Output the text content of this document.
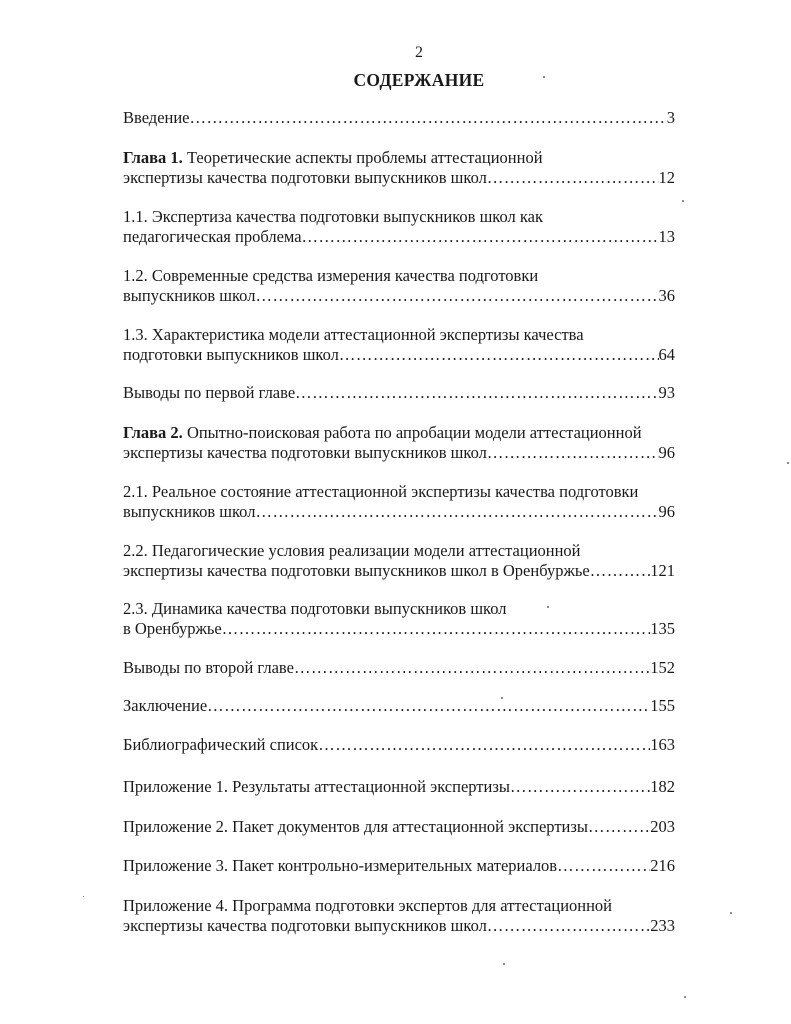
2
СОДЕРЖАНИЕ
Введение ……………………………………………………………………………………………………………………………………………………	3
Глава 1. Теоретические аспекты проблемы аттестационной
экспертизы качества подготовки выпускников школ ……………………………………………………………………………………………………………………………………………………	12
1.1. Экспертиза качества подготовки выпускников школ как
педагогическая проблема ……………………………………………………………………………………………………………………………………………………	13
1.2. Современные средства измерения качества подготовки
выпускников школ ……………………………………………………………………………………………………………………………………………………	36
1.3. Характеристика модели аттестационной экспертизы качества
подготовки выпускников школ ……………………………………………………………………………………………………………………………………………………	64
Выводы по первой главе ……………………………………………………………………………………………………………………………………………………	93
Глава 2. Опытно-поисковая работа по апробации модели аттестационной
экспертизы качества подготовки выпускников школ ……………………………………………………………………………………………………………………………………………………	96
2.1. Реальное состояние аттестационной экспертизы качества подготовки
выпускников школ ……………………………………………………………………………………………………………………………………………………	96
2.2. Педагогические условия реализации модели аттестационной
экспертизы качества подготовки выпускников школ в Оренбуржье ……………………………………………………………………………………………………………………………………………………	121
2.3. Динамика качества подготовки выпускников школ
в Оренбуржье ……………………………………………………………………………………………………………………………………………………	135
Выводы по второй главе ……………………………………………………………………………………………………………………………………………………	152
Заключение ……………………………………………………………………………………………………………………………………………………	155
Библиографический список ……………………………………………………………………………………………………………………………………………………	163
Приложение 1. Результаты аттестационной экспертизы ……………………………………………………………………………………………………………………………………………………	182
Приложение 2. Пакет документов для аттестационной экспертизы ……………………………………………………………………………………………………………………………………………………	203
Приложение 3. Пакет контрольно-измерительных материалов ……………………………………………………………………………………………………………………………………………………	216
Приложение 4. Программа подготовки экспертов для аттестационной
экспертизы качества подготовки выпускников школ ……………………………………………………………………………………………………………………………………………………	233
